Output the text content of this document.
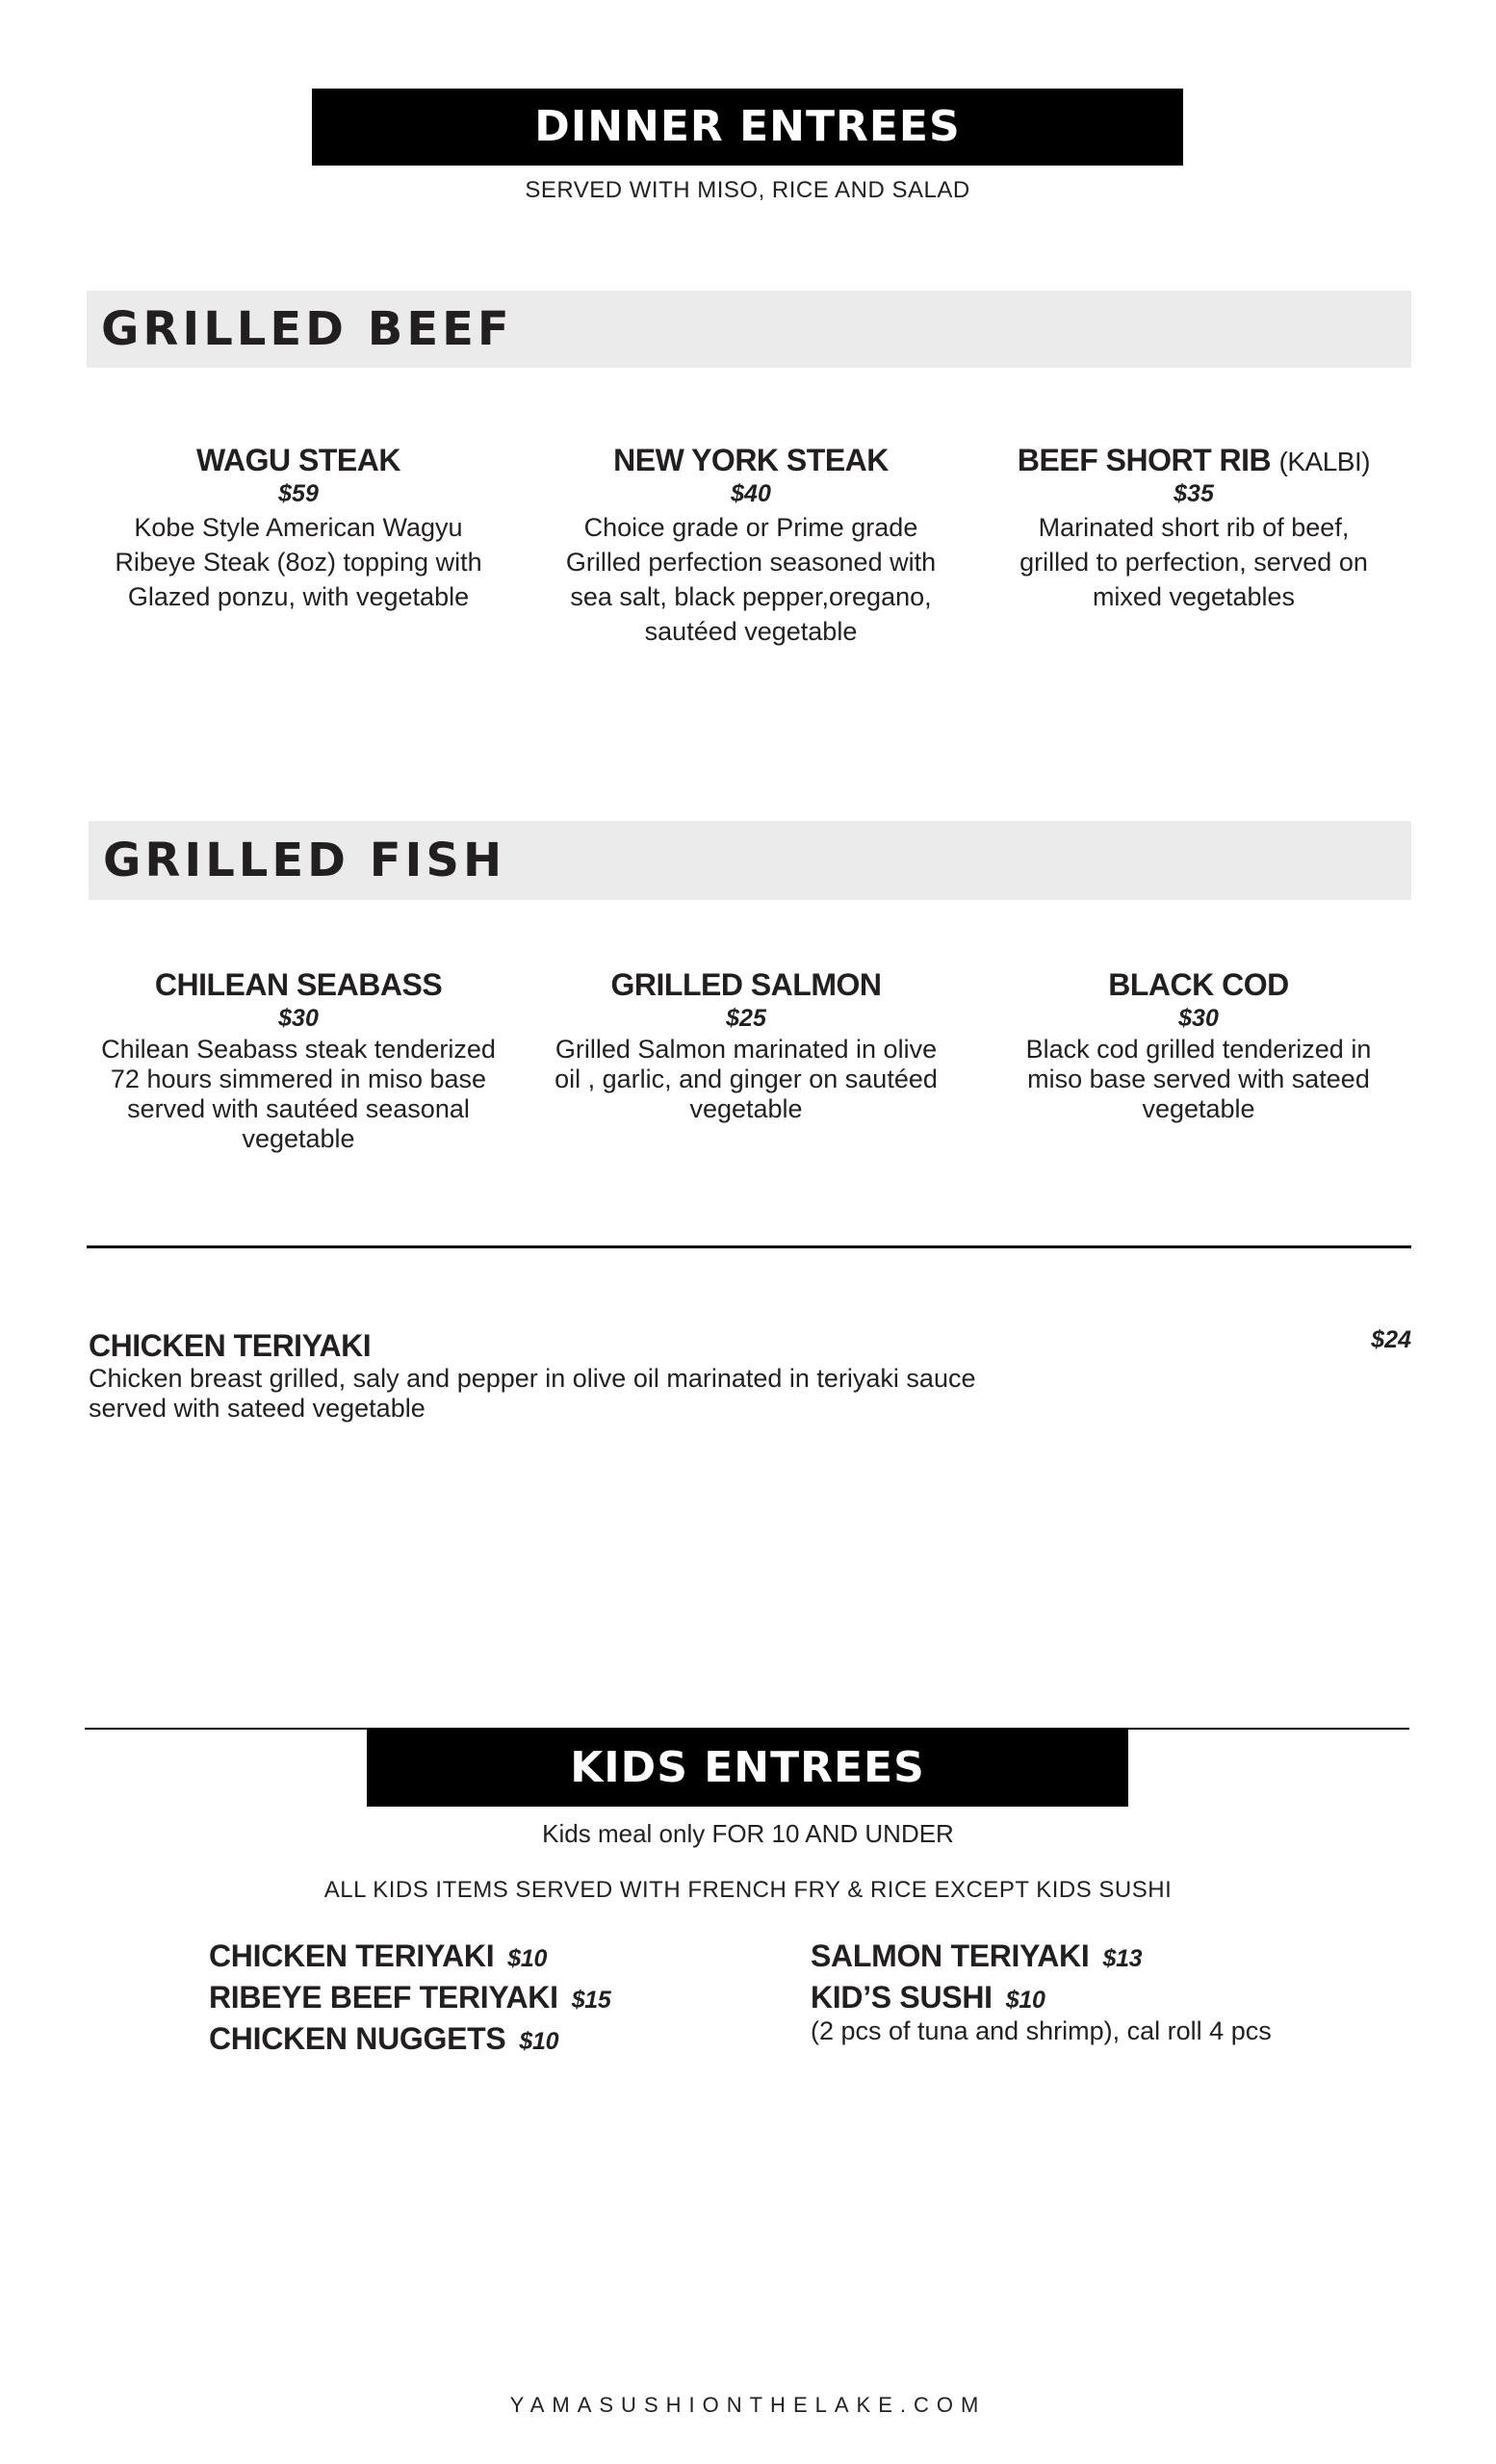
DINNER ENTREES
SERVED WITH MISO, RICE AND SALAD
GRILLED BEEF
WAGU STEAK
$59
Kobe Style American Wagyu
Ribeye Steak (8oz) topping with
Glazed ponzu, with vegetable
NEW YORK STEAK
$40
Choice grade or Prime grade
Grilled perfection seasoned with
sea salt, black pepper,oregano,
sautéed vegetable
BEEF SHORT RIB (KALBI)
$35
Marinated short rib of beef,
grilled to perfection, served on
mixed vegetables
GRILLED FISH
CHILEAN SEABASS
$30
Chilean Seabass steak tenderized
72 hours simmered in miso base
served with sautéed seasonal
vegetable
GRILLED SALMON
$25
Grilled Salmon marinated in olive
oil , garlic, and ginger on sautéed
vegetable
BLACK COD
$30
Black cod grilled tenderized in
miso base served with sateed
vegetable
CHICKEN TERIYAKI
Chicken breast grilled, saly and pepper in olive oil marinated in teriyaki sauce
served with sateed vegetable
$24
KIDS ENTREES
Kids meal only FOR 10 AND UNDER
ALL KIDS ITEMS SERVED WITH FRENCH FRY & RICE EXCEPT KIDS SUSHI
CHICKEN TERIYAKI $10
RIBEYE BEEF TERIYAKI $15
CHICKEN NUGGETS $10
SALMON TERIYAKI $13
KID’S SUSHI $10
(2 pcs of tuna and shrimp), cal roll 4 pcs
YAMASUSHIONTHELAKE.COM
